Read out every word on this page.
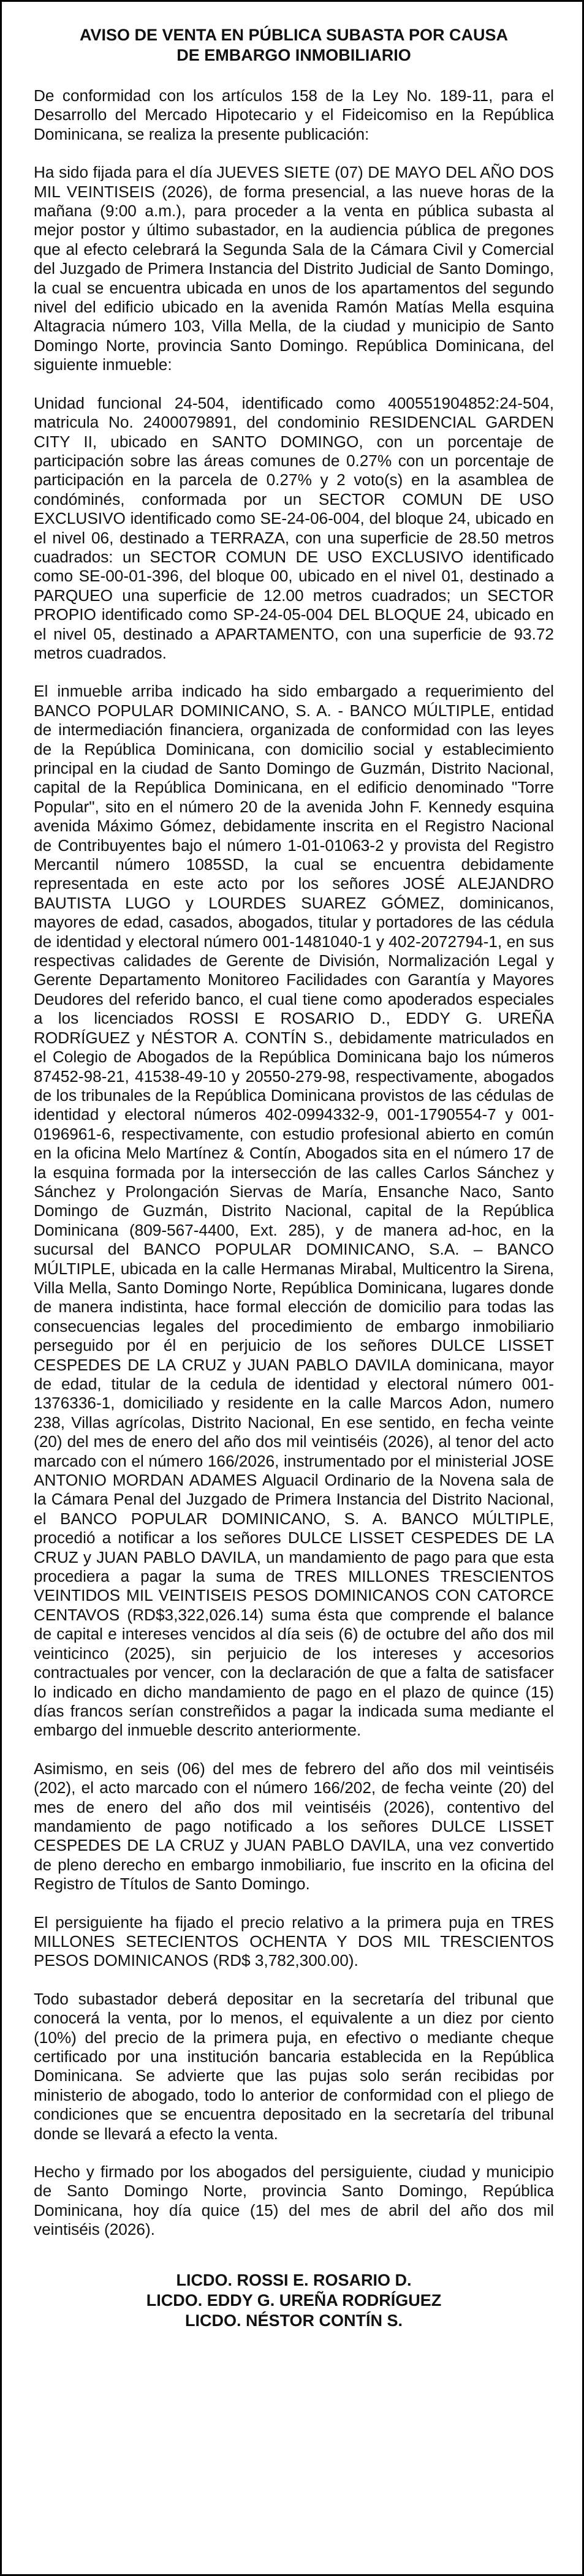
AVISO DE VENTA EN PÚBLICA SUBASTA POR CAUSA
DE EMBARGO INMOBILIARIO

De conformidad con los artículos 158 de la Ley No. 189-11, para el Desarrollo del Mercado Hipotecario y el Fideicomiso en la República Dominicana, se realiza la presente publicación:

Ha sido fijada para el día JUEVES SIETE (07) DE MAYO DEL AÑO DOS MIL VEINTISEIS (2026), de forma presencial, a las nueve horas de la mañana (9:00 a.m.), para proceder a la venta en pública subasta al mejor postor y último subastador, en la audiencia pública de pregones que al efecto celebrará la Segunda Sala de la Cámara Civil y Comercial del Juzgado de Primera Instancia del Distrito Judicial de Santo Domingo, la cual se encuentra ubicada en unos de los apartamentos del segundo nivel del edificio ubicado en la avenida Ramón Matías Mella esquina Altagracia número 103, Villa Mella, de la ciudad y municipio de Santo Domingo Norte, provincia Santo Domingo. República Dominicana, del siguiente inmueble:

Unidad funcional 24-504, identificado como 400551904852:24-504, matricula No. 2400079891, del condominio RESIDENCIAL GARDEN CITY II, ubicado en SANTO DOMINGO, con un porcentaje de participación sobre las áreas comunes de 0.27% con un porcentaje de participación en la parcela de 0.27% y 2 voto(s) en la asamblea de condóminés, conformada por un SECTOR COMUN DE USO EXCLUSIVO identificado como SE-24-06-004, del bloque 24, ubicado en el nivel 06, destinado a TERRAZA, con una superficie de 28.50 metros cuadrados: un SECTOR COMUN DE USO EXCLUSIVO identificado como SE-00-01-396, del bloque 00, ubicado en el nivel 01, destinado a PARQUEO una superficie de 12.00 metros cuadrados; un SECTOR PROPIO identificado como SP-24-05-004 DEL BLOQUE 24, ubicado en el nivel 05, destinado a APARTAMENTO, con una superficie de 93.72 metros cuadrados.

El inmueble arriba indicado ha sido embargado a requerimiento del BANCO POPULAR DOMINICANO, S. A. - BANCO MÚLTIPLE, entidad de intermediación financiera, organizada de conformidad con las leyes de la República Dominicana, con domicilio social y establecimiento principal en la ciudad de Santo Domingo de Guzmán, Distrito Nacional, capital de la República Dominicana, en el edificio denominado "Torre Popular", sito en el número 20 de la avenida John F. Kennedy esquina avenida Máximo Gómez, debidamente inscrita en el Registro Nacional de Contribuyentes bajo el número 1-01-01063-2 y provista del Registro Mercantil número 1085SD, la cual se encuentra debidamente representada en este acto por los señores JOSÉ ALEJANDRO BAUTISTA LUGO y LOURDES SUAREZ GÓMEZ, dominicanos, mayores de edad, casados, abogados, titular y portadores de las cédula de identidad y electoral número 001-1481040-1 y 402-2072794-1, en sus respectivas calidades de Gerente de División, Normalización Legal y Gerente Departamento Monitoreo Facilidades con Garantía y Mayores Deudores del referido banco, el cual tiene como apoderados especiales a los licenciados ROSSI E ROSARIO D., EDDY G. UREÑA RODRÍGUEZ y NÉSTOR A. CONTÍN S., debidamente matriculados en el Colegio de Abogados de la República Dominicana bajo los números 87452-98-21, 41538-49-10 y 20550-279-98, respectivamente, abogados de los tribunales de la República Dominicana provistos de las cédulas de identidad y electoral números 402-0994332-9, 001-1790554-7 y 001-0196961-6, respectivamente, con estudio profesional abierto en común en la oficina Melo Martínez & Contín, Abogados sita en el número 17 de la esquina formada por la intersección de las calles Carlos Sánchez y Sánchez y Prolongación Siervas de María, Ensanche Naco, Santo Domingo de Guzmán, Distrito Nacional, capital de la República Dominicana (809-567-4400, Ext. 285), y de manera ad-hoc, en la sucursal del BANCO POPULAR DOMINICANO, S.A. – BANCO MÚLTIPLE, ubicada en la calle Hermanas Mirabal, Multicentro la Sirena, Villa Mella, Santo Domingo Norte, República Dominicana, lugares donde de manera indistinta, hace formal elección de domicilio para todas las consecuencias legales del procedimiento de embargo inmobiliario perseguido por él en perjuicio de los señores DULCE LISSET CESPEDES DE LA CRUZ y JUAN PABLO DAVILA dominicana, mayor de edad, titular de la cedula de identidad y electoral número 001-1376336-1, domiciliado y residente en la calle Marcos Adon, numero 238, Villas agrícolas, Distrito Nacional, En ese sentido, en fecha veinte (20) del mes de enero del año dos mil veintiséis (2026), al tenor del acto marcado con el número 166/2026, instrumentado por el ministerial JOSE ANTONIO MORDAN ADAMES Alguacil Ordinario de la Novena sala de la Cámara Penal del Juzgado de Primera Instancia del Distrito Nacional, el BANCO POPULAR DOMINICANO, S. A. BANCO MÚLTIPLE, procedió a notificar a los señores DULCE LISSET CESPEDES DE LA CRUZ y JUAN PABLO DAVILA, un mandamiento de pago para que esta procediera a pagar la suma de TRES MILLONES TRESCIENTOS VEINTIDOS MIL VEINTISEIS PESOS DOMINICANOS CON CATORCE CENTAVOS (RD$3,322,026.14) suma ésta que comprende el balance de capital e intereses vencidos al día seis (6) de octubre del año dos mil veinticinco (2025), sin perjuicio de los intereses y accesorios contractuales por vencer, con la declaración de que a falta de satisfacer lo indicado en dicho mandamiento de pago en el plazo de quince (15) días francos serían constreñidos a pagar la indicada suma mediante el embargo del inmueble descrito anteriormente.

Asimismo, en seis (06) del mes de febrero del año dos mil veintiséis (202), el acto marcado con el número 166/202, de fecha veinte (20) del mes de enero del año dos mil veintiséis (2026), contentivo del mandamiento de pago notificado a los señores DULCE LISSET CESPEDES DE LA CRUZ y JUAN PABLO DAVILA, una vez convertido de pleno derecho en embargo inmobiliario, fue inscrito en la oficina del Registro de Títulos de Santo Domingo.

El persiguiente ha fijado el precio relativo a la primera puja en TRES MILLONES SETECIENTOS OCHENTA Y DOS MIL TRESCIENTOS PESOS DOMINICANOS (RD$ 3,782,300.00).

Todo subastador deberá depositar en la secretaría del tribunal que conocerá la venta, por lo menos, el equivalente a un diez por ciento (10%) del precio de la primera puja, en efectivo o mediante cheque certificado por una institución bancaria establecida en la República Dominicana. Se advierte que las pujas solo serán recibidas por ministerio de abogado, todo lo anterior de conformidad con el pliego de condiciones que se encuentra depositado en la secretaría del tribunal donde se llevará a efecto la venta.

Hecho y firmado por los abogados del persiguiente, ciudad y municipio de Santo Domingo Norte, provincia Santo Domingo, República Dominicana, hoy día quice (15) del mes de abril del año dos mil veintiséis (2026).

LICDO. ROSSI E. ROSARIO D.
LICDO. EDDY G. UREÑA RODRÍGUEZ
LICDO. NÉSTOR CONTÍN S.
